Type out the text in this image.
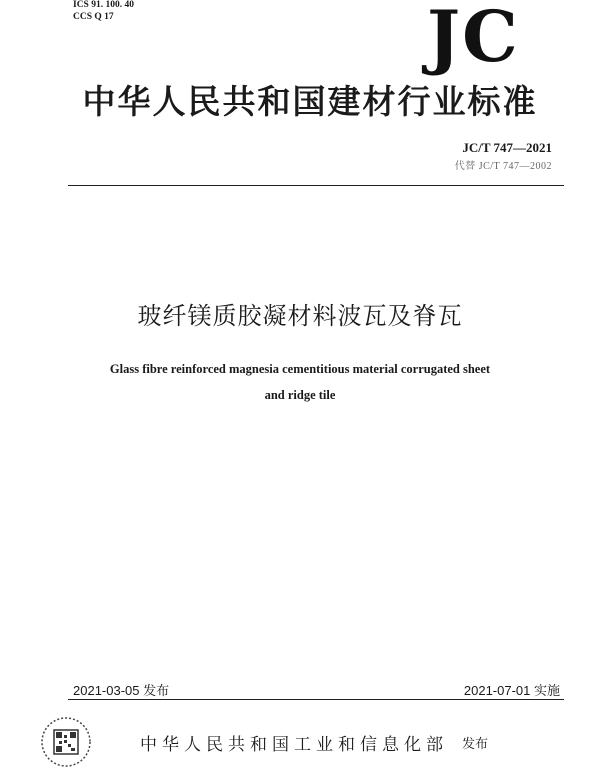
ICS 91. 100. 40
CCS Q 17	JC
中华人民共和国建材行业标准
JC/T 747—2021
代替 JC/T 747—2002
玻纤镁质胶凝材料波瓦及脊瓦
Glass fibre reinforced magnesia cementitious material corrugated sheet
and ridge tile
2021-03-05 发布	2021-07-01 实施
中华人民共和国工业和信息化部 发布
